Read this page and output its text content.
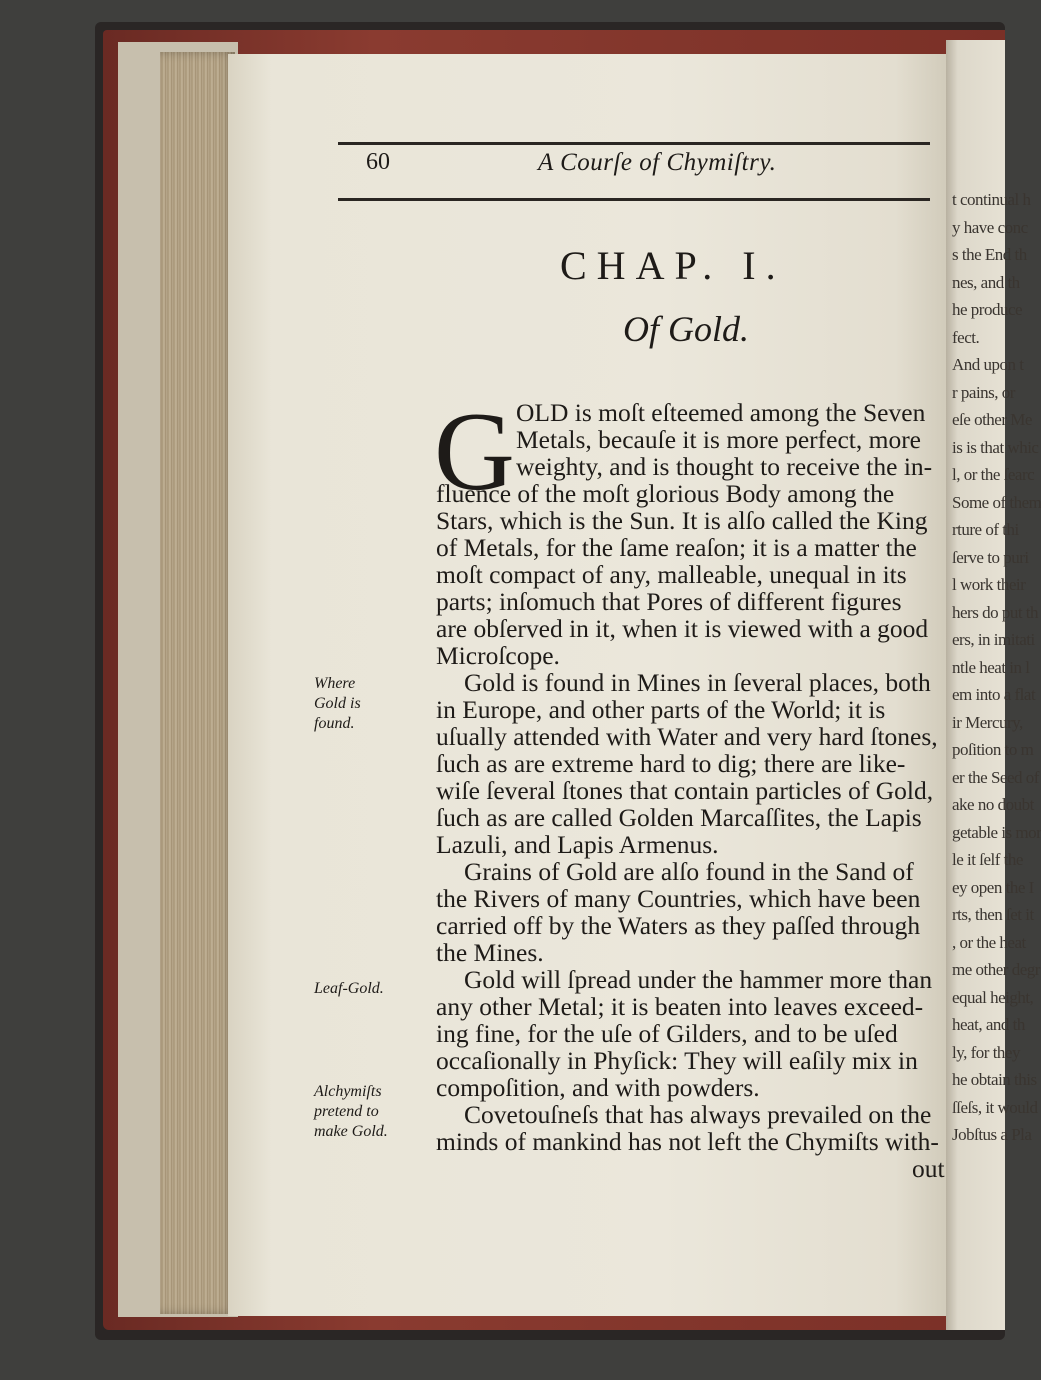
60	A Courſe of Chymiſtry.
CHAP. I.
Of Gold.
G OLD is moſt eſteemed among the Seven
Metals, becauſe it is more perfect, more
weighty, and is thought to receive the in-
fluence of the moſt glorious Body among the
Stars, which is the Sun. It is alſo called the King
of Metals, for the ſame reaſon; it is a matter the
moſt compact of any, malleable, unequal in its
parts; inſomuch that Pores of different figures
are obſerved in it, when it is viewed with a good
Microſcope.
Gold is found in Mines in ſeveral places, both
in Europe, and other parts of the World; it is
uſually attended with Water and very hard ſtones,
ſuch as are extreme hard to dig; there are like-
wiſe ſeveral ſtones that contain particles of Gold,
ſuch as are called Golden Marcaſſites, the Lapis
Lazuli, and Lapis Armenus.
Grains of Gold are alſo found in the Sand of
the Rivers of many Countries, which have been
carried off by the Waters as they paſſed through
the Mines.
Gold will ſpread under the hammer more than
any other Metal; it is beaten into leaves exceed-
ing fine, for the uſe of Gilders, and to be uſed
occaſionally in Phyſick: They will eaſily mix in
compoſition, and with powders.
Covetouſneſs that has always prevailed on the
minds of mankind has not left the Chymiſts with-
out
Where
Gold is
found.
Leaf-Gold.
Alchymiſts
pretend to
make Gold.
t continual h
y have conc
s the End th
nes, and th
he produce
fect.
And upon t
r pains, or
eſe other Me
is is that whic
l, or the ſearc
Some of them
rture of thi
ſerve to puri
l work their
hers do put th
ers, in imitati
ntle heat in l
em into a flat
ir Mercury,
poſition to m
er the Seed of
ake no doubt
getable is mor
le it ſelf the
ey open the I
rts, then ſet it
, or the heat
me other degr
equal height,
heat, and th
ly, for they
he obtain this
ſſeſs, it would
Jobſtus a Pla
